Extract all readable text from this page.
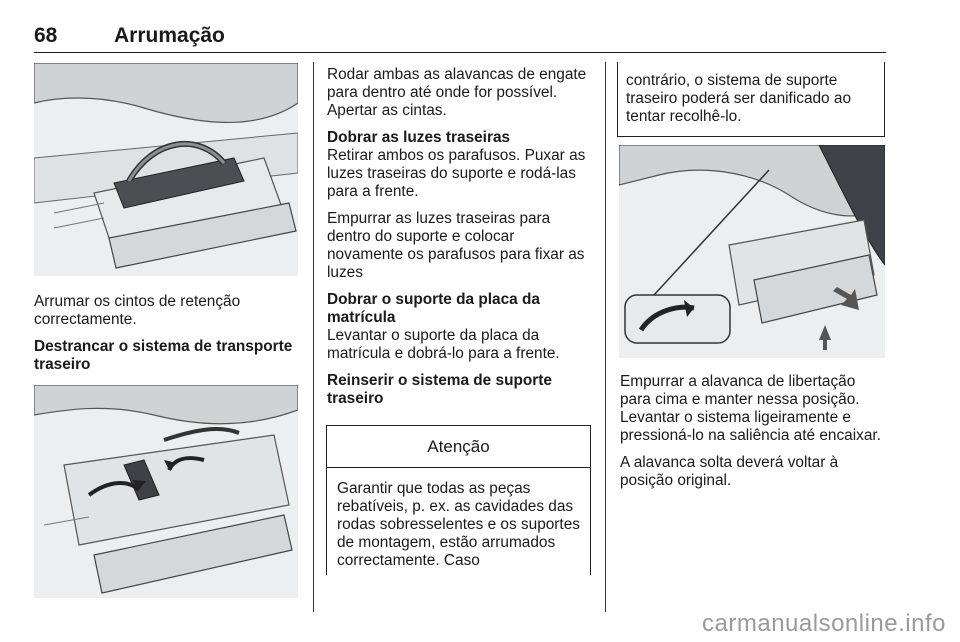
68	Arrumação

Arrumar os cintos de retenção correctamente.

Destrancar o sistema de transporte traseiro

Rodar ambas as alavancas de engate para dentro até onde for possível. Apertar as cintas.

Dobrar as luzes traseiras

Retirar ambos os parafusos. Puxar as luzes traseiras do suporte e rodá-las para a frente.

Empurrar as luzes traseiras para dentro do suporte e colocar novamente os parafusos para fixar as luzes

Dobrar o suporte da placa da matrícula

Levantar o suporte da placa da matrícula e dobrá-lo para a frente.

Reinserir o sistema de suporte traseiro

Atenção
Garantir que todas as peças rebatíveis, p. ex. as cavidades das rodas sobresselentes e os suportes de montagem, estão arrumados correctamente. Caso
contrário, o sistema de suporte traseiro poderá ser danificado ao tentar recolhê-lo.

Empurrar a alavanca de libertação para cima e manter nessa posição. Levantar o sistema ligeiramente e pressioná-lo na saliência até encaixar.

A alavanca solta deverá voltar à posição original.

carmanualsonline.info
